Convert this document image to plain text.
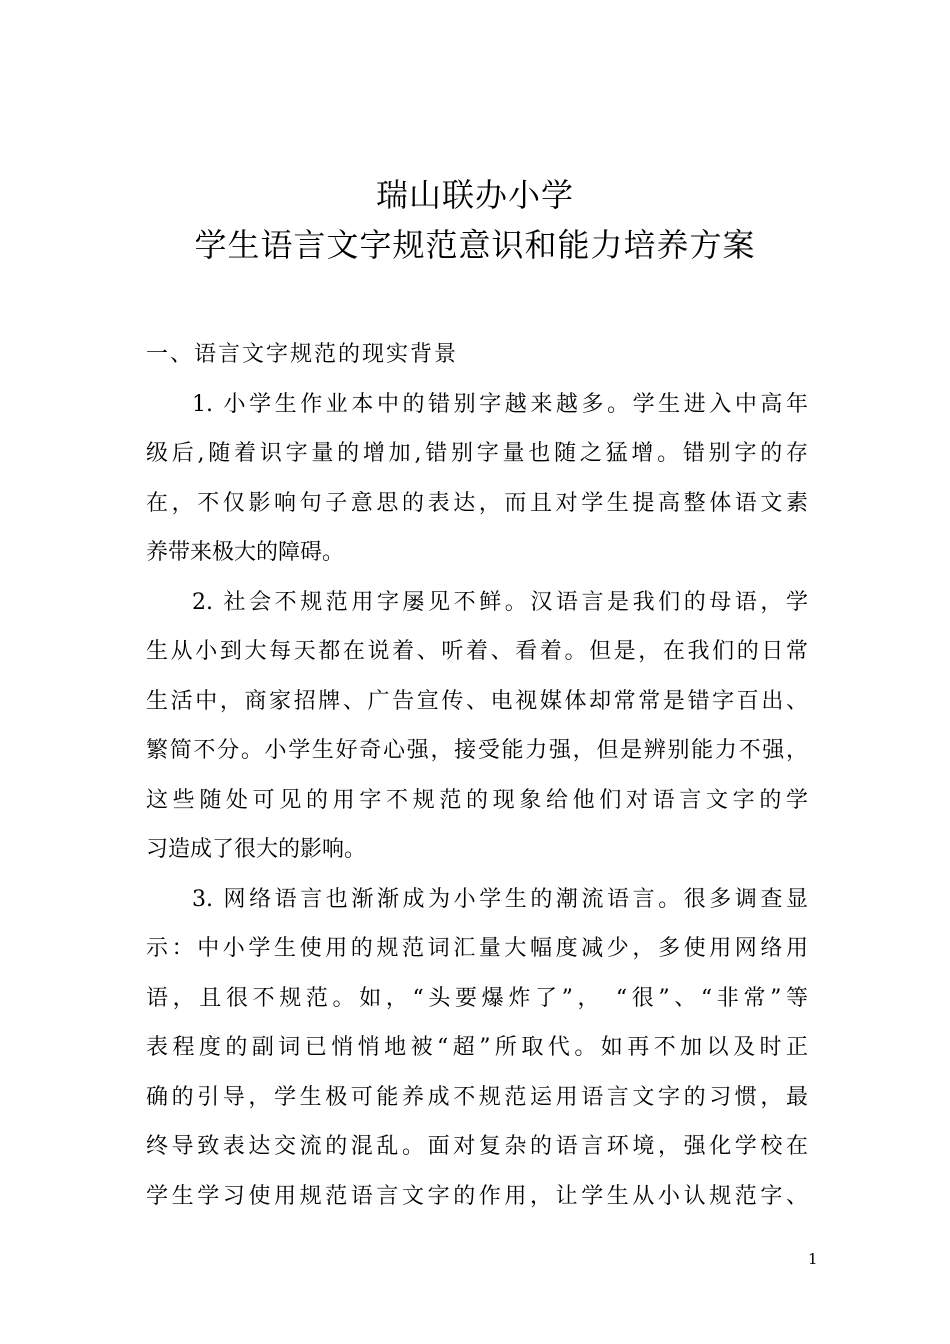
瑞山联办小学
学生语言文字规范意识和能力培养方案
一、语言文字规范的现实背景
1. 小学生作业本中的错别字越来越多。学生进入中高年
级后,随着识字量的增加,错别字量也随之猛增。错别字的存
在，不仅影响句子意思的表达，而且对学生提高整体语文素
养带来极大的障碍。
2. 社会不规范用字屡见不鲜。汉语言是我们的母语，学
生从小到大每天都在说着、听着、看着。但是，在我们的日常
生活中，商家招牌、广告宣传、电视媒体却常常是错字百出、
繁简不分。小学生好奇心强，接受能力强，但是辨别能力不强，
这些随处可见的用字不规范的现象给他们对语言文字的学
习造成了很大的影响。
3. 网络语言也渐渐成为小学生的潮流语言。很多调查显
示：中小学生使用的规范词汇量大幅度减少，多使用网络用
语，且很不规范。如，“头要爆炸了”， “很”、“非常”等
表程度的副词已悄悄地被“超”所取代。如再不加以及时正
确的引导，学生极可能养成不规范运用语言文字的习惯，最
终导致表达交流的混乱。面对复杂的语言环境，强化学校在
学生学习使用规范语言文字的作用，让学生从小认规范字、
1
